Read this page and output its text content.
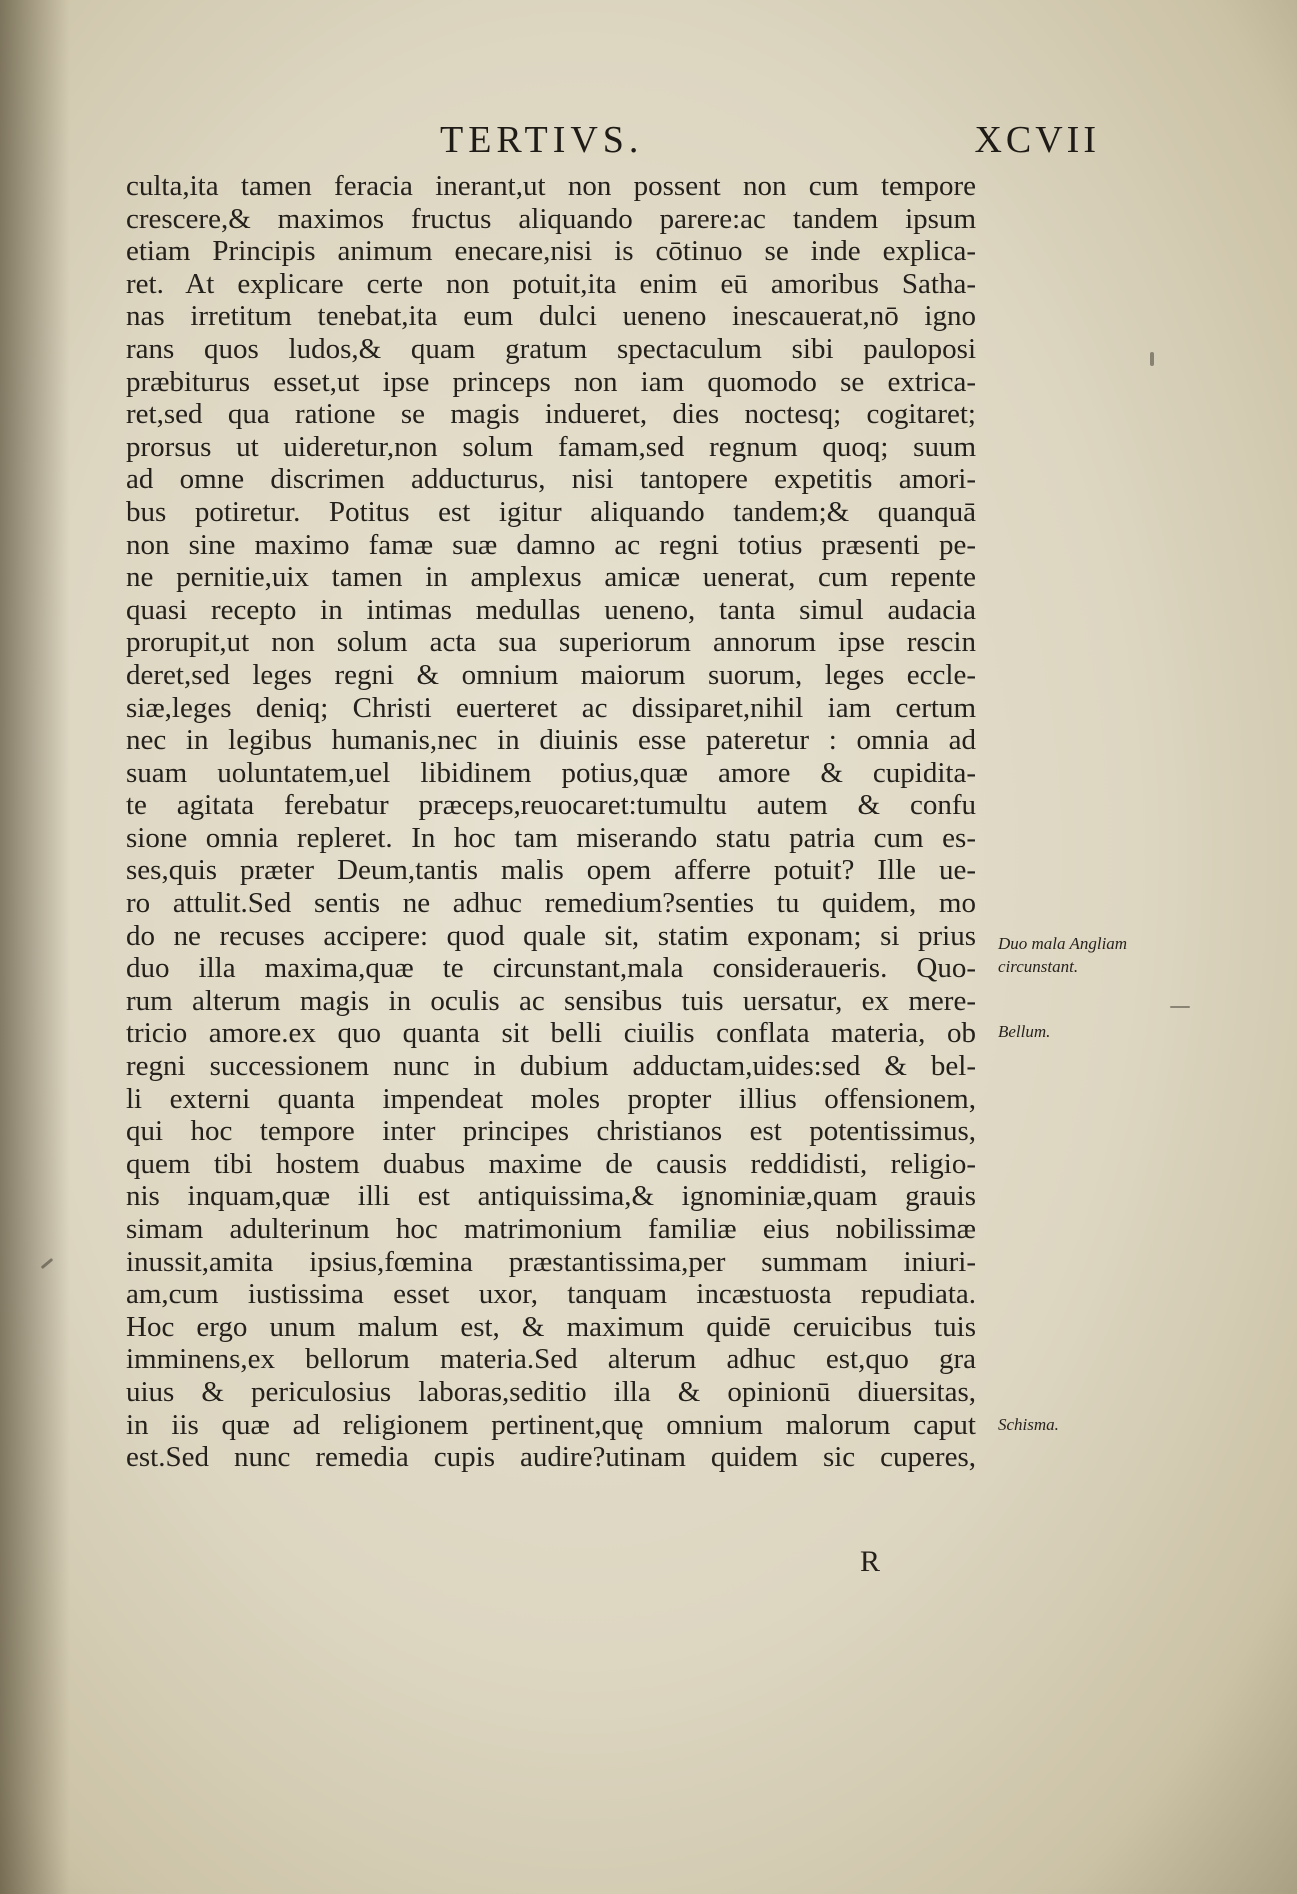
TERTIVS.	XCVII
culta,ita tamen feracia inerant,ut non possent non cum tempore
crescere,& maximos fructus aliquando parere:ac tandem ipsum
etiam Principis animum enecare,nisi is cōtinuo se inde explica-
ret. At explicare certe non potuit,ita enim eū amoribus Satha-
nas irretitum tenebat,ita eum dulci ueneno inescauerat,nō igno
rans quos ludos,& quam gratum spectaculum sibi pauloposi
præbiturus esset,ut ipse princeps non iam quomodo se extrica-
ret,sed qua ratione se magis indueret, dies noctesq; cogitaret;
prorsus ut uideretur,non solum famam,sed regnum quoq; suum
ad omne discrimen adducturus, nisi tantopere expetitis amori-
bus potiretur. Potitus est igitur aliquando tandem;& quanquā
non sine maximo famæ suæ damno ac regni totius præsenti pe-
ne pernitie,uix tamen in amplexus amicæ uenerat, cum repente
quasi recepto in intimas medullas ueneno, tanta simul audacia
prorupit,ut non solum acta sua superiorum annorum ipse rescin
deret,sed leges regni & omnium maiorum suorum, leges eccle-
siæ,leges deniq; Christi euerteret ac dissiparet,nihil iam certum
nec in legibus humanis,nec in diuinis esse pateretur : omnia ad
suam uoluntatem,uel libidinem potius,quæ amore & cupidita-
te agitata ferebatur præceps,reuocaret:tumultu autem & confu
sione omnia repleret. In hoc tam miserando statu patria cum es-
ses,quis præter Deum,tantis malis opem afferre potuit? Ille ue-
ro attulit.Sed sentis ne adhuc remedium?senties tu quidem, mo
do ne recuses accipere: quod quale sit, statim exponam; si prius
duo illa maxima,quæ te circunstant,mala consideraueris. Quo-
rum alterum magis in oculis ac sensibus tuis uersatur, ex mere-
tricio amore.ex quo quanta sit belli ciuilis conflata materia, ob
regni successionem nunc in dubium adductam,uides:sed & bel-
li externi quanta impendeat moles propter illius offensionem,
qui hoc tempore inter principes christianos est potentissimus,
quem tibi hostem duabus maxime de causis reddidisti, religio-
nis inquam,quæ illi est antiquissima,& ignominiæ,quam grauis
simam adulterinum hoc matrimonium familiæ eius nobilissimæ
inussit,amita ipsius,fœmina præstantissima,per summam iniuri-
am,cum iustissima esset uxor, tanquam incæstuosta repudiata.
Hoc ergo unum malum est, & maximum quidē ceruicibus tuis
imminens,ex bellorum materia.Sed alterum adhuc est,quo gra
uius & periculosius laboras,seditio illa & opinionū diuersitas,
in iis quæ ad religionem pertinent,quę omnium malorum caput
est.Sed nunc remedia cupis audire?utinam quidem sic cuperes,
R
Duo mala Angliam
circunstant.
Bellum.
Schisma.
